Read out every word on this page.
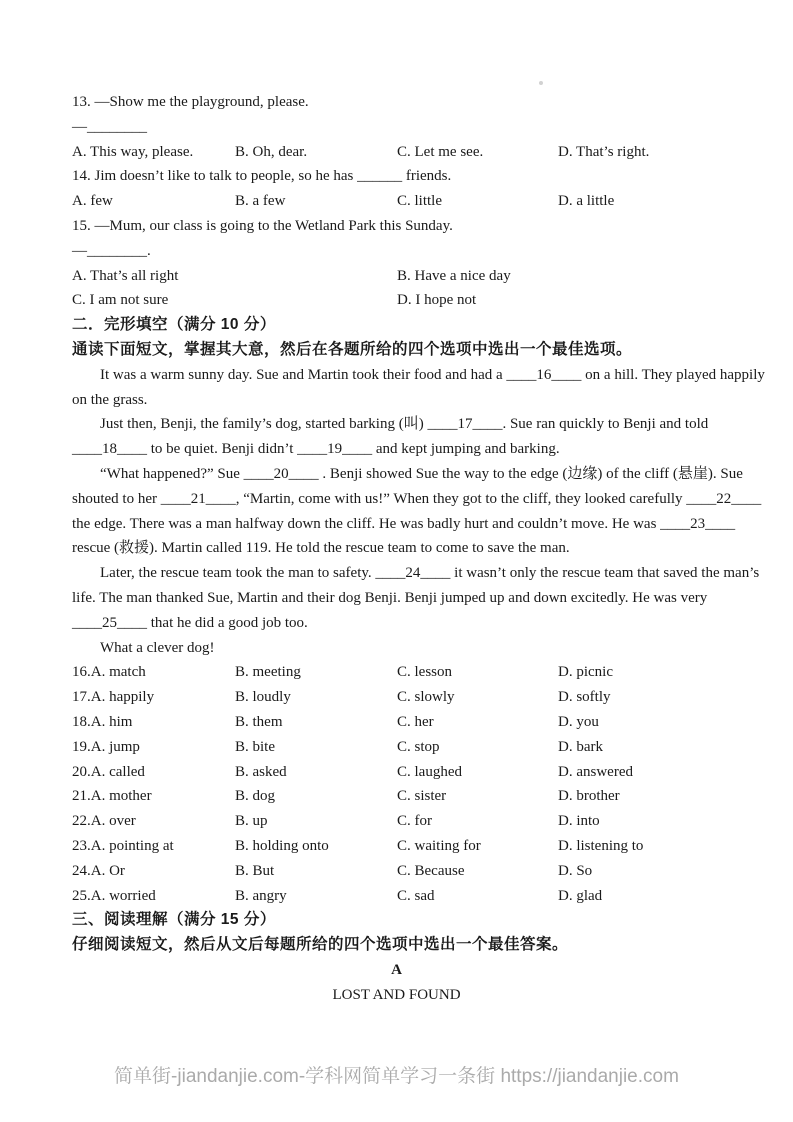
13. —Show me the playground, please.
—________
A. This way, please.	B. Oh, dear.	C. Let me see.	D. That’s right.
14. Jim doesn’t like to talk to people, so he has ______ friends.
A. few	B. a few	C. little	D. a little
15. —Mum, our class is going to the Wetland Park this Sunday.
—________.
A. That’s all right	B. Have a nice day
C. I am not sure	D. I hope not
二．完形填空（满分 10 分）
通读下面短文，掌握其大意，然后在各题所给的四个选项中选出一个最佳选项。
It was a warm sunny day. Sue and Martin took their food and had a ____16____ on a hill. They played happily
on the grass.
Just then, Benji, the family’s dog, started barking (叫) ____17____. Sue ran quickly to Benji and told
____18____ to be quiet. Benji didn’t ____19____ and kept jumping and barking.
“What happened?” Sue ____20____ . Benji showed Sue the way to the edge (边缘) of the cliff (悬崖). Sue
shouted to her ____21____, “Martin, come with us!” When they got to the cliff, they looked carefully ____22____
the edge. There was a man halfway down the cliff. He was badly hurt and couldn’t move. He was ____23____
rescue (救援). Martin called 119. He told the rescue team to come to save the man.
Later, the rescue team took the man to safety. ____24____ it wasn’t only the rescue team that saved the man’s
life. The man thanked Sue, Martin and their dog Benji. Benji jumped up and down excitedly. He was very
____25____ that he did a good job too.
What a clever dog!
16.A. match	B. meeting	C. lesson	D. picnic
17.A. happily	B. loudly	C. slowly	D. softly
18.A. him	B. them	C. her	D. you
19.A. jump	B. bite	C. stop	D. bark
20.A. called	B. asked	C. laughed	D. answered
21.A. mother	B. dog	C. sister	D. brother
22.A. over	B. up	C. for	D. into
23.A. pointing at	B. holding onto	C. waiting for	D. listening to
24.A. Or	B. But	C. Because	D. So
25.A. worried	B. angry	C. sad	D. glad
三、阅读理解（满分 15 分）
仔细阅读短文，然后从文后每题所给的四个选项中选出一个最佳答案。
A
LOST AND FOUND
简单街-jiandanjie.com-学科网简单学习一条街 https://jiandanjie.com
